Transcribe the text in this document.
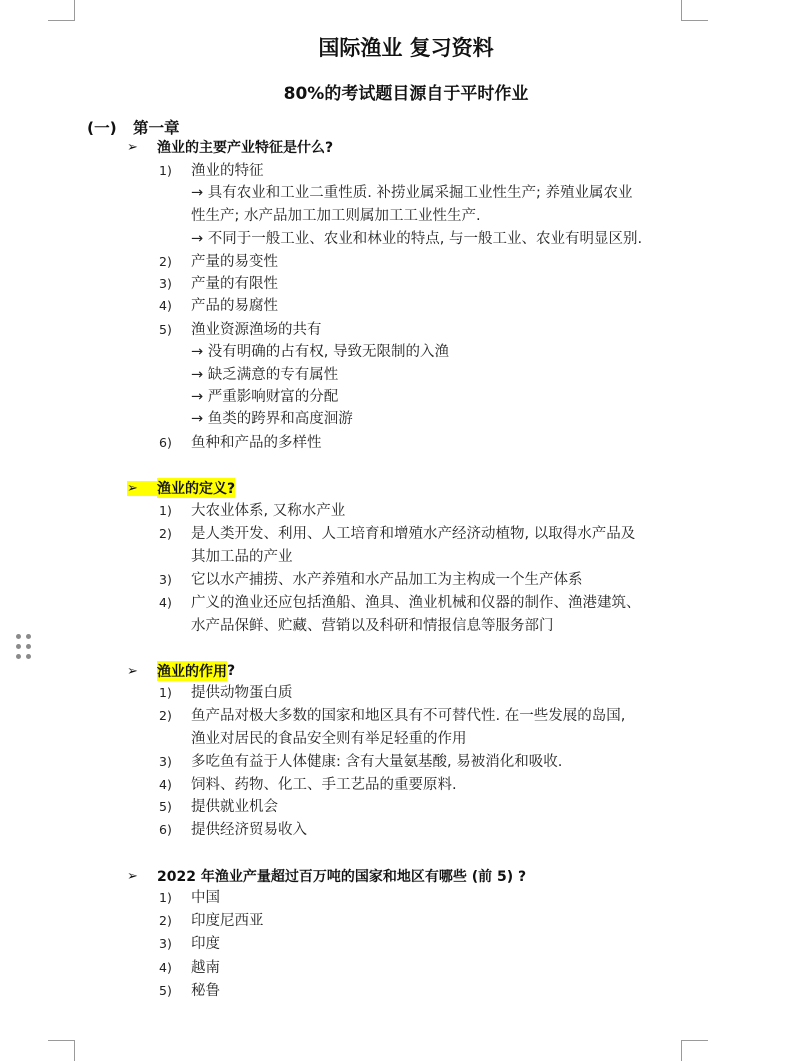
国际渔业 复习资料
80%的考试题目源自于平时作业
(一) 第一章
➢	渔业的主要产业特征是什么?
1) 渔业的特征
→ 具有农业和工业二重性质. 补捞业属采掘工业性生产; 养殖业属农业
性生产; 水产品加工加工则属加工工业性生产.
→ 不同于一般工业、农业和林业的特点, 与一般工业、农业有明显区别.
2) 产量的易变性
3) 产量的有限性
4) 产品的易腐性
5) 渔业资源渔场的共有
→ 没有明确的占有权, 导致无限制的入渔
→ 缺乏满意的专有属性
→ 严重影响财富的分配
→ 鱼类的跨界和高度洄游
6) 鱼种和产品的多样性
➢	渔业的定义?
1) 大农业体系, 又称水产业
2) 是人类开发、利用、人工培育和增殖水产经济动植物, 以取得水产品及
其加工品的产业
3) 它以水产捕捞、水产养殖和水产品加工为主构成一个生产体系
4) 广义的渔业还应包括渔船、渔具、渔业机械和仪器的制作、渔港建筑、
水产品保鲜、贮藏、营销以及科研和情报信息等服务部门
➢	渔业的作用 ?
1) 提供动物蛋白质
2) 鱼产品对极大多数的国家和地区具有不可替代性. 在一些发展的岛国,
渔业对居民的食品安全则有举足轻重的作用
3) 多吃鱼有益于人体健康: 含有大量氨基酸, 易被消化和吸收.
4) 饲料、药物、化工、手工艺品的重要原料.
5) 提供就业机会
6) 提供经济贸易收入
➢	2022 年渔业产量超过百万吨的国家和地区有哪些 (前 5) ?
1) 中国
2) 印度尼西亚
3) 印度
4) 越南
5) 秘鲁
